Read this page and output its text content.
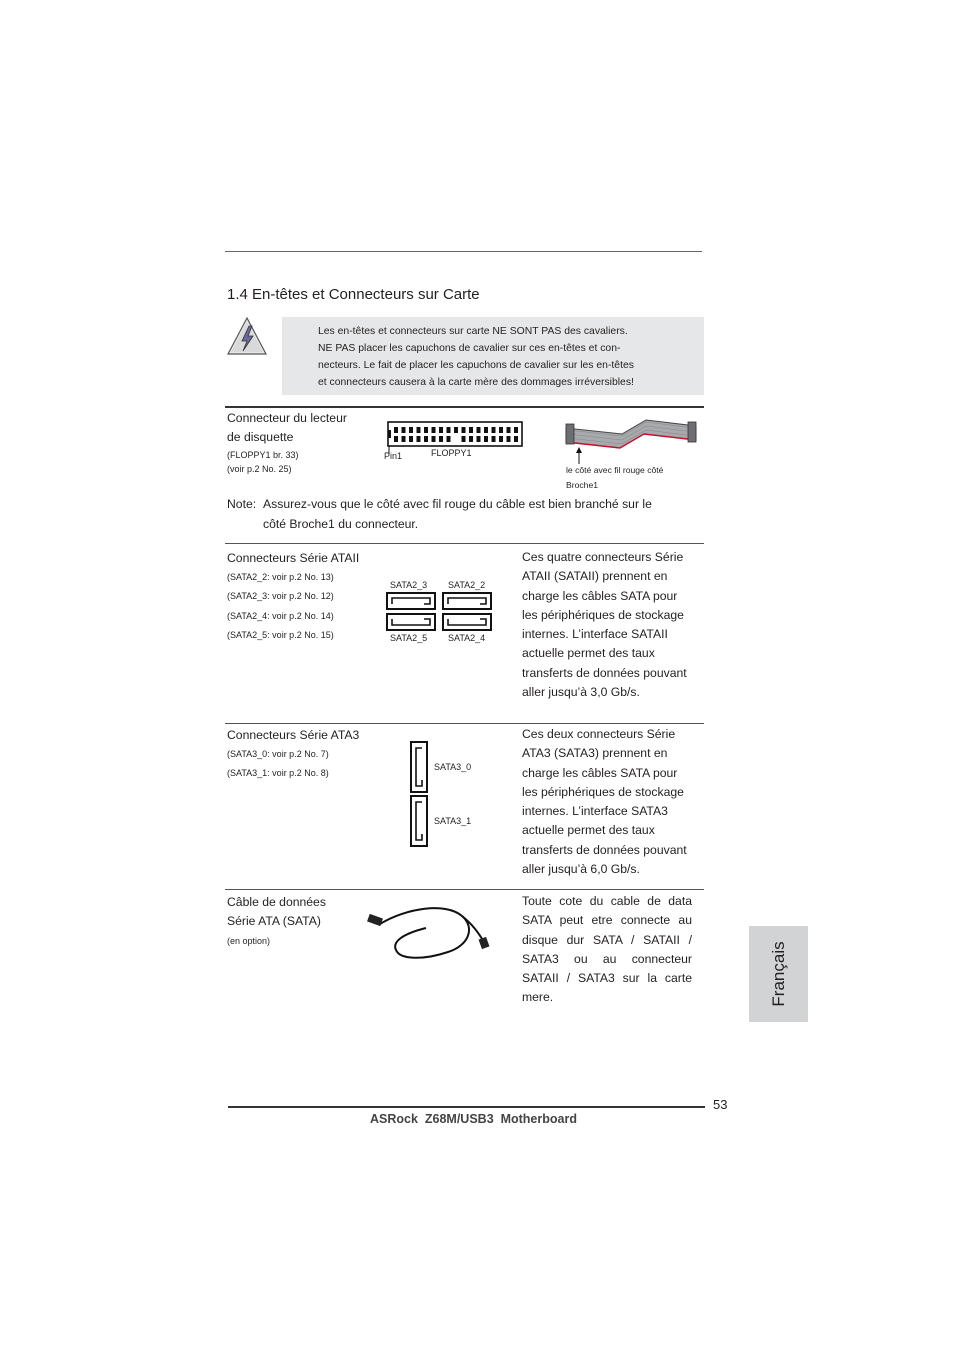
1.4 En-têtes et Connecteurs sur Carte
Les en-têtes et connecteurs sur carte NE SONT PAS des cavaliers.
NE PAS placer les capuchons de cavalier sur ces en-têtes et con-
necteurs. Le fait de placer les capuchons de cavalier sur les en-têtes
et connecteurs causera à la carte mère des dommages irréversibles!
Connecteur du lecteur
de disquette
(FLOPPY1 br. 33)
(voir p.2 No. 25)
Pin1	FLOPPY1
le côté avec fil rouge côté
Broche1
Note: Assurez-vous que le côté avec fil rouge du câble est bien branché sur le
côté Broche1 du connecteur.
Connecteurs Série ATAII
(SATA2_2: voir p.2 No. 13)
(SATA2_3: voir p.2 No. 12)
(SATA2_4: voir p.2 No. 14)
(SATA2_5: voir p.2 No. 15)
SATA2_3 SATA2_2
SATA2_5 SATA2_4
Ces quatre connecteurs Série
ATAII (SATAII) prennent en
charge les câbles SATA pour
les périphériques de stockage
internes. L’interface SATAII
actuelle permet des taux
transferts de données pouvant
aller jusqu’à 3,0 Gb/s.
Connecteurs Série ATA3
(SATA3_0: voir p.2 No. 7)
(SATA3_1: voir p.2 No. 8)
SATA3_0
SATA3_1
Ces deux connecteurs Série
ATA3 (SATA3) prennent en
charge les câbles SATA pour
les périphériques de stockage
internes. L’interface SATA3
actuelle permet des taux
transferts de données pouvant
aller jusqu’à 6,0 Gb/s.
Câble de données
Série ATA (SATA)
(en option)
Toute cote du cable de data
SATA peut etre connecte au
disque dur SATA / SATAII /
SATA3 ou au connecteur
SATAII / SATA3 sur la carte
mere.	Français
53
ASRock  Z68M/USB3  Motherboard
